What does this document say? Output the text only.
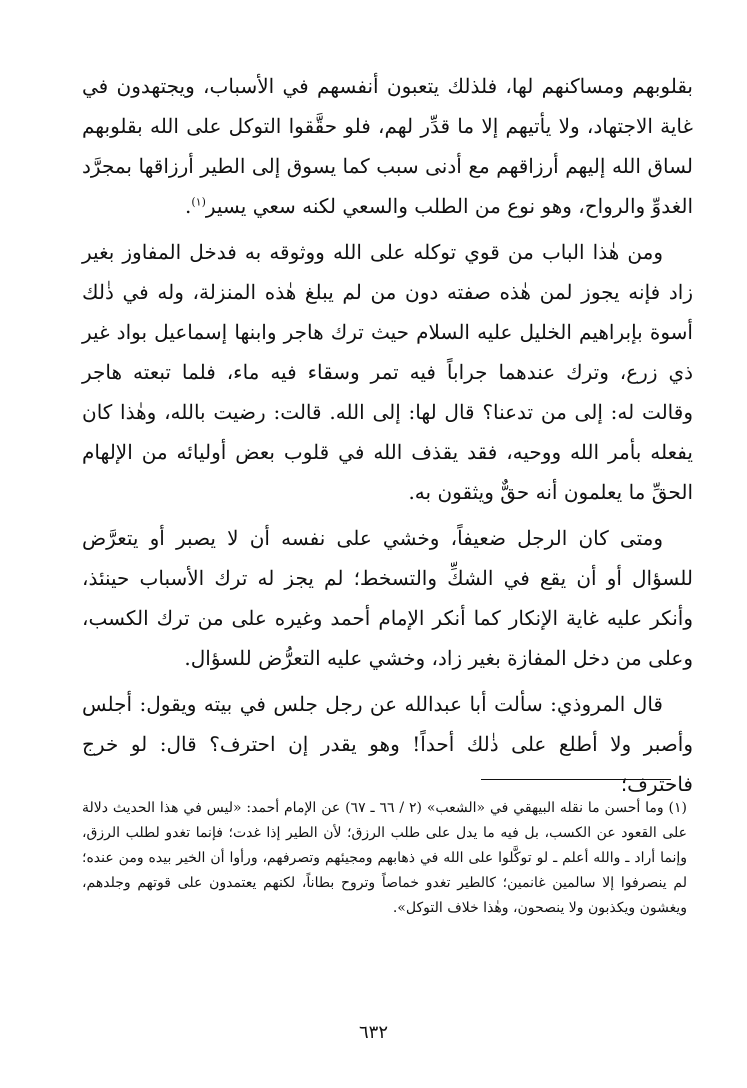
بقلوبهم ومساكنهم لها، فلذلك يتعبون أنفسهم في الأسباب، ويجتهدون في غاية الاجتهاد، ولا يأتيهم إلا ما قدِّر لهم، فلو حقَّقوا التوكل على الله بقلوبهم لساق الله إليهم أرزاقهم مع أدنى سبب كما يسوق إلى الطير أرزاقها بمجرَّد الغدوِّ والرواح، وهو نوع من الطلب والسعي لكنه سعي يسير$^{(١)}$.

ومن هٰذا الباب من قوي توكله على الله ووثوقه به فدخل المفاوز بغير زاد فإنه يجوز لمن هٰذه صفته دون من لم يبلغ هٰذه المنزلة، وله في ذٰلك أسوة بإبراهيم الخليل عليه السلام حيث ترك هاجر وابنها إسماعيل بواد غير ذي زرع، وترك عندهما جراباً فيه تمر وسقاء فيه ماء، فلما تبعته هاجر وقالت له: إلى من تدعنا؟ قال لها: إلى الله. قالت: رضيت بالله، وهٰذا كان يفعله بأمر الله ووحيه، فقد يقذف الله في قلوب بعض أوليائه من الإلهام الحقِّ ما يعلمون أنه حقٌّ ويثقون به.

ومتى كان الرجل ضعيفاً، وخشي على نفسه أن لا يصبر أو يتعرَّض للسؤال أو أن يقع في الشكِّ والتسخط؛ لم يجز له ترك الأسباب حينئذ، وأنكر عليه غاية الإنكار كما أنكر الإمام أحمد وغيره على من ترك الكسب، وعلى من دخل المفازة بغير زاد، وخشي عليه التعرُّض للسؤال.

قال المروذي: سألت أبا عبدالله عن رجل جلس في بيته ويقول: أجلس وأصبر ولا أطلع على ذٰلك أحداً! وهو يقدر إن احترف؟ قال: لو خرج فاحترف؛

(١) وما أحسن ما نقله البيهقي في «الشعب» (٢ / ٦٦ ـ ٦٧) عن الإمام أحمد: «ليس في هذا الحديث دلالة على القعود عن الكسب، بل فيه ما يدل على طلب الرزق؛ لأن الطير إذا غدت؛ فإنما تغدو لطلب الرزق، وإنما أراد ـ والله أعلم ـ لو توكَّلوا على الله في ذهابهم ومجيئهم وتصرفهم، ورأوا أن الخير بيده ومن عنده؛ لم ينصرفوا إلا سالمين غانمين؛ كالطير تغدو خماصاً وتروح بطاناً، لكنهم يعتمدون على قوتهم وجلدهم، ويغشون ويكذبون ولا ينصحون، وهٰذا خلاف التوكل».

٦٣٢
